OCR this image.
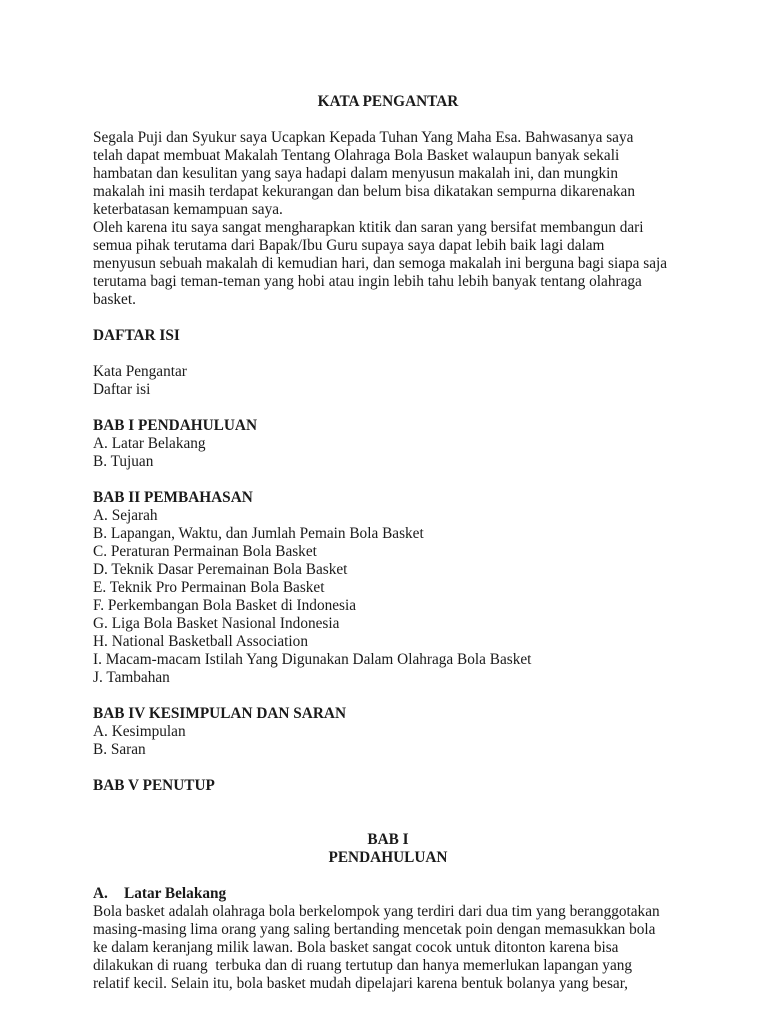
KATA PENGANTAR

Segala Puji dan Syukur saya Ucapkan Kepada Tuhan Yang Maha Esa. Bahwasanya saya

telah dapat membuat Makalah Tentang Olahraga Bola Basket walaupun banyak sekali

hambatan dan kesulitan yang saya hadapi dalam menyusun makalah ini, dan mungkin

makalah ini masih terdapat kekurangan dan belum bisa dikatakan sempurna dikarenakan

keterbatasan kemampuan saya.

Oleh karena itu saya sangat mengharapkan ktitik dan saran yang bersifat membangun dari

semua pihak terutama dari Bapak/Ibu Guru supaya saya dapat lebih baik lagi dalam

menyusun sebuah makalah di kemudian hari, dan semoga makalah ini berguna bagi siapa saja

terutama bagi teman-teman yang hobi atau ingin lebih tahu lebih banyak tentang olahraga

basket.

DAFTAR ISI

Kata Pengantar

Daftar isi

BAB I PENDAHULUAN

A. Latar Belakang

B. Tujuan

BAB II PEMBAHASAN

A. Sejarah

B. Lapangan, Waktu, dan Jumlah Pemain Bola Basket

C. Peraturan Permainan Bola Basket

D. Teknik Dasar Peremainan Bola Basket

E. Teknik Pro Permainan Bola Basket

F. Perkembangan Bola Basket di Indonesia

G. Liga Bola Basket Nasional Indonesia

H. National Basketball Association

I. Macam-macam Istilah Yang Digunakan Dalam Olahraga Bola Basket

J. Tambahan

BAB IV KESIMPULAN DAN SARAN

A. Kesimpulan

B. Saran

BAB V PENUTUP

BAB I

PENDAHULUAN

A. Latar Belakang

Bola basket adalah olahraga bola berkelompok yang terdiri dari dua tim yang beranggotakan

masing-masing lima orang yang saling bertanding mencetak poin dengan memasukkan bola

ke dalam keranjang milik lawan. Bola basket sangat cocok untuk ditonton karena bisa

dilakukan di ruang  terbuka dan di ruang tertutup dan hanya memerlukan lapangan yang

relatif kecil. Selain itu, bola basket mudah dipelajari karena bentuk bolanya yang besar,
